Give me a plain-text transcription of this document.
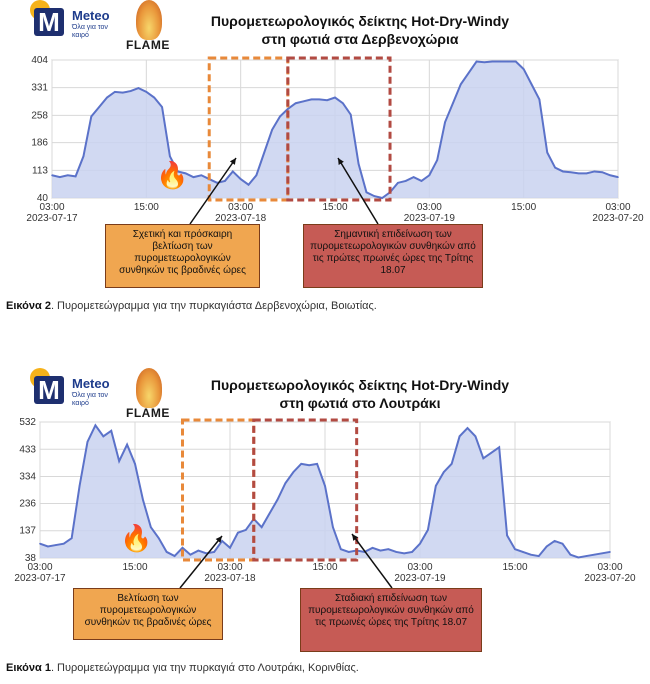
M Meteo
Όλα για τον καιρό
FLAME
Πυρομετεωρολογικός δείκτης Hot-Dry-Windy
στη φωτιά στα Δερβενοχώρια
40
113
186
258
331
404
03:00
2023-07-17
15:00	03:00
2023-07-18
15:00	03:00
2023-07-19
15:00	03:00
2023-07-20
🔥
Σχετική και πρόσκαιρη βελτίωση των πυρομετεωρολογικών συνθηκών τις βραδινές ώρες
Σημαντική επιδείνωση των πυρομετεωρολογικών συνθηκών από τις πρώτες πρωινές ώρες της Τρίτης 18.07
Εικόνα 2. Πυρομετεώγραμμα για την πυρκαγιάστα Δερβενοχώρια, Βοιωτίας.
M Meteo
Όλα για τον καιρό
FLAME
Πυρομετεωρολογικός δείκτης Hot-Dry-Windy
στη φωτιά στο Λουτράκι
38
137
236
334
433
532
03:00
2023-07-17
15:00	03:00
2023-07-18
15:00	03:00
2023-07-19
15:00	03:00
2023-07-20
🔥
Βελτίωση των πυρομετεωρολογικών συνθηκών τις βραδινές ώρες
Σταδιακή επιδείνωση των πυρομετεωρολογικών συνθηκών από τις πρωινές ώρες της Τρίτης 18.07
Εικόνα 1. Πυρομετεώγραμμα για την πυρκαγιά στο Λουτράκι, Κορινθίας.
